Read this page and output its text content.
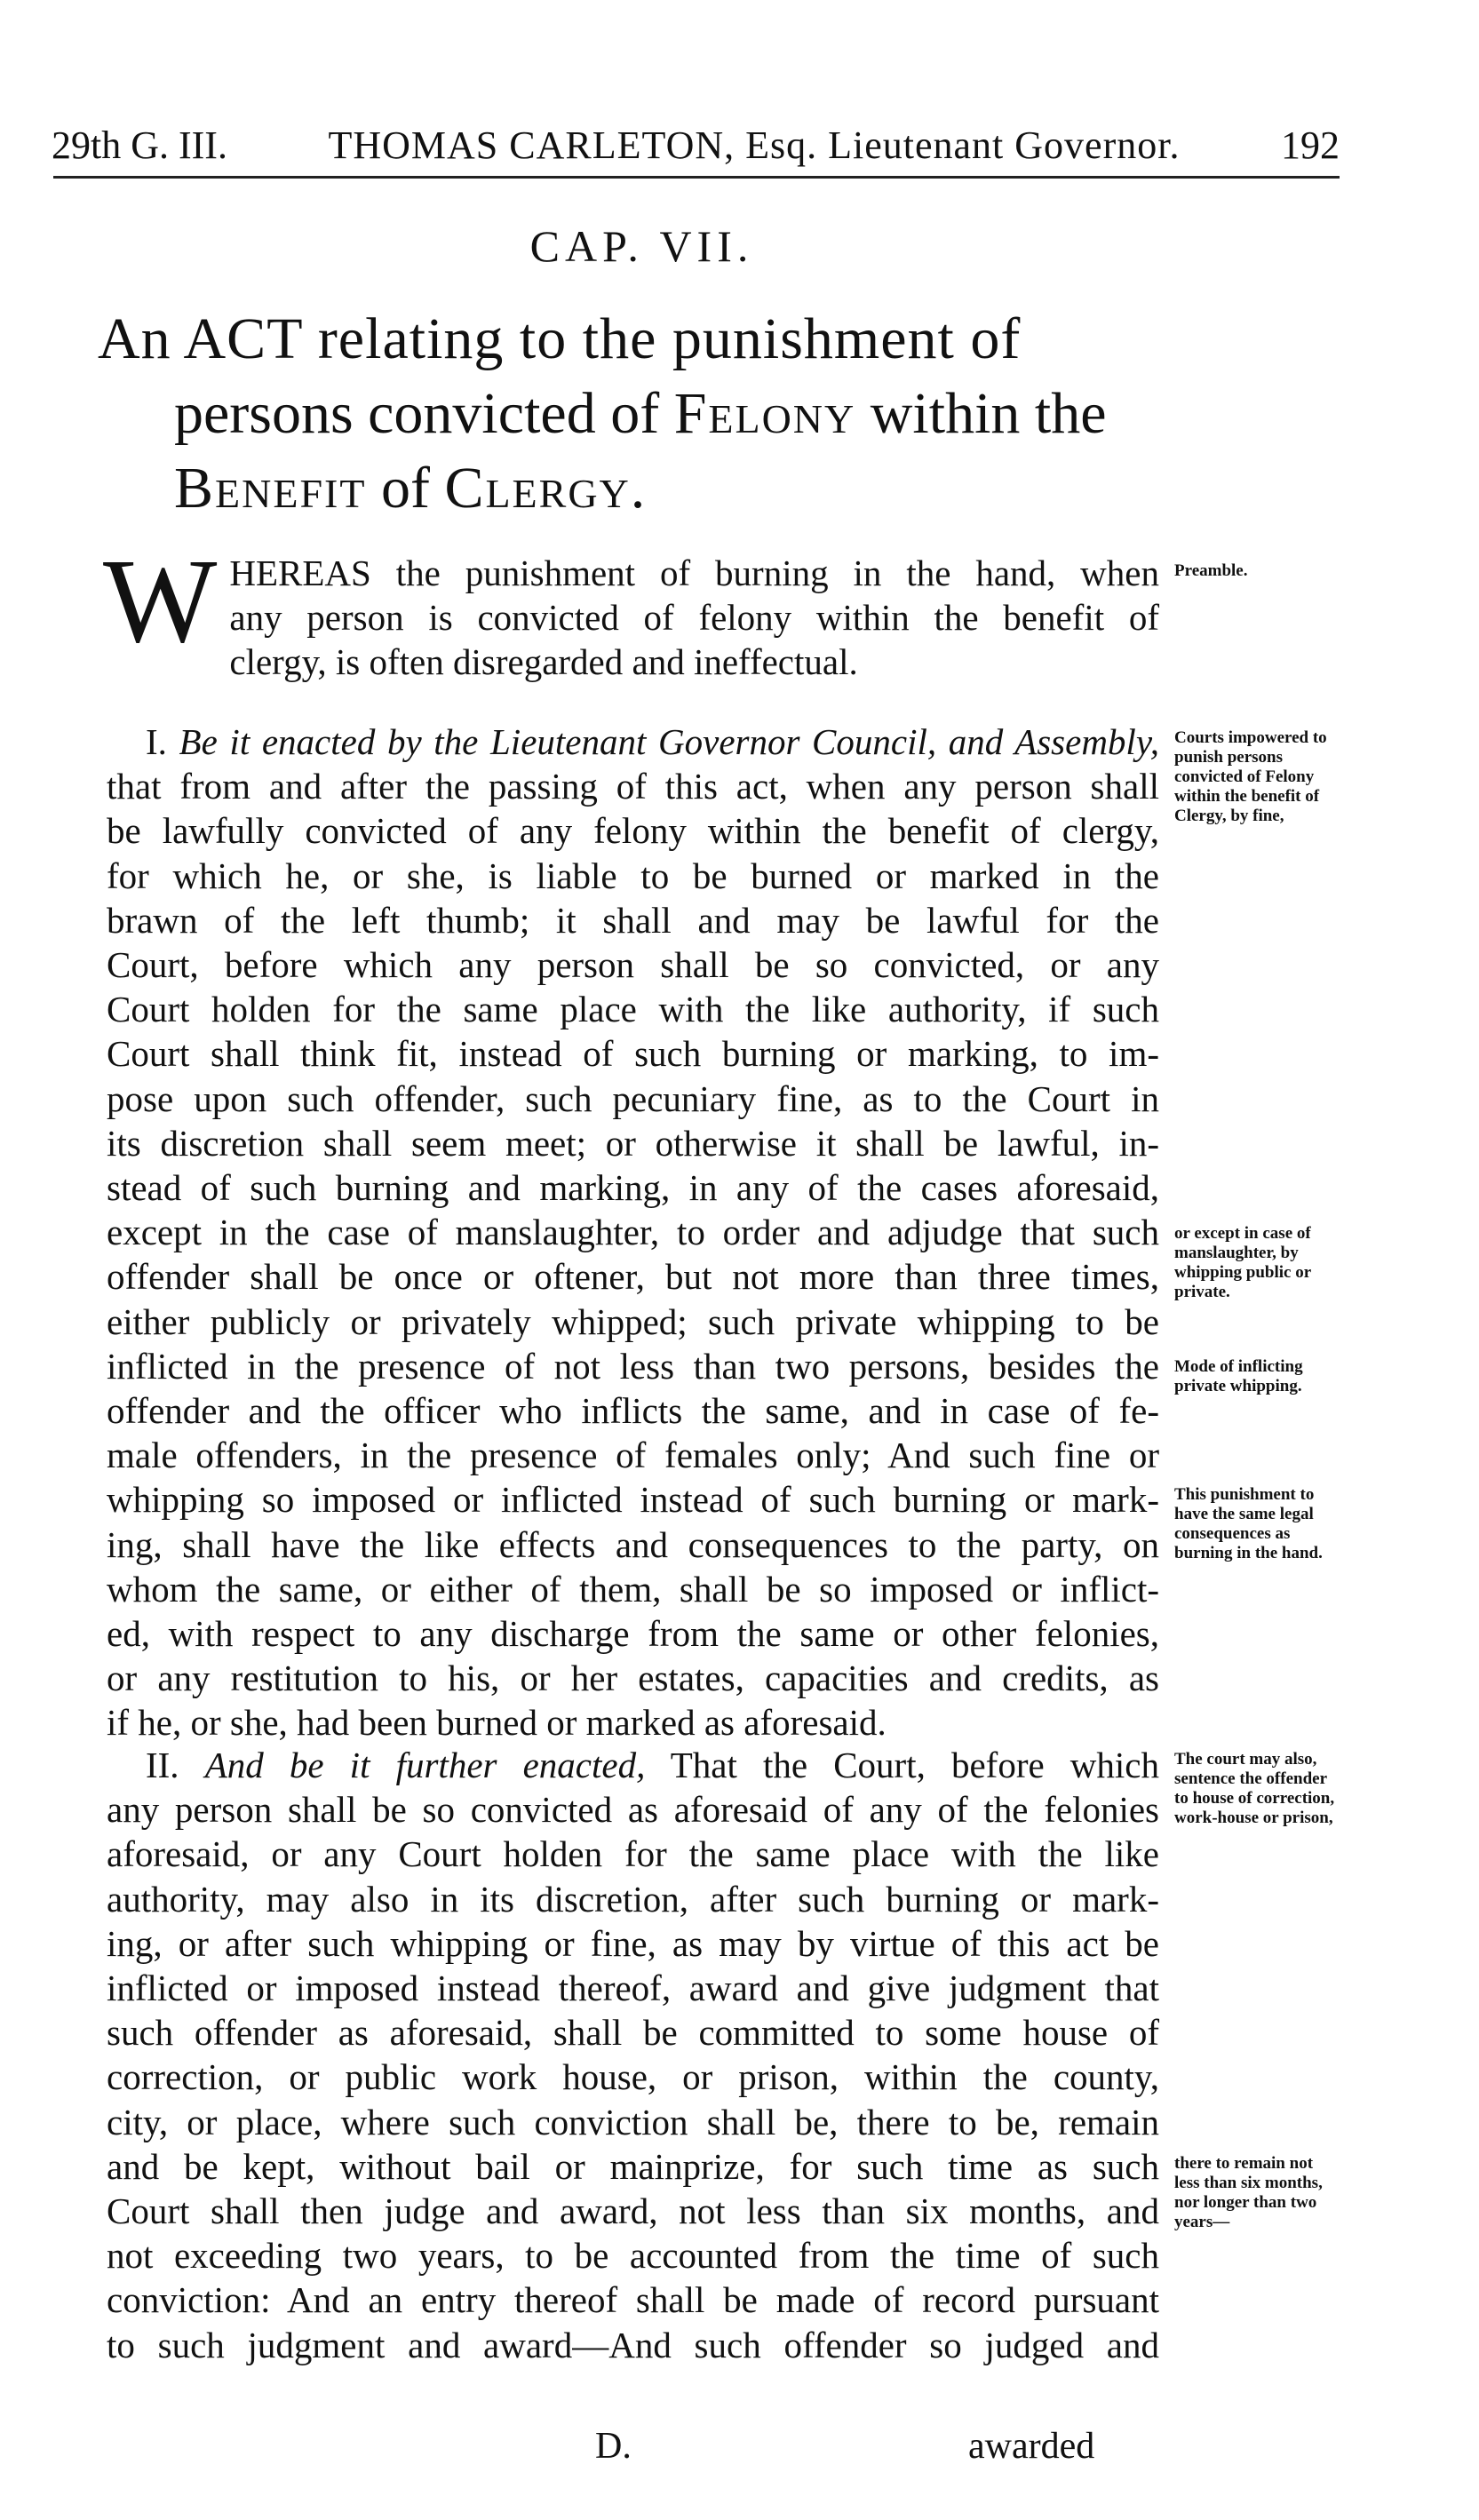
29th G. III.	THOMAS CARLETON, Esq. Lieutenant Governor.	192
CAP. VII.
An ACT relating to the punishment of
persons convicted of Felony within the
Benefit of Clergy.
W HEREAS the punishment of burning in the hand, when
any person is convicted of felony within the benefit of
clergy, is often disregarded and ineffectual.
I. Be it enacted by the Lieutenant Governor Council, and Assembly,
that from and after the passing of this act, when any person shall
be lawfully convicted of any felony within the benefit of clergy,
for which he, or she, is liable to be burned or marked in the
brawn of the left thumb; it shall and may be lawful for the
Court, before which any person shall be so convicted, or any
Court holden for the same place with the like authority, if such
Court shall think fit, instead of such burning or marking, to im-
pose upon such offender, such pecuniary fine, as to the Court in
its discretion shall seem meet; or otherwise it shall be lawful, in-
stead of such burning and marking, in any of the cases aforesaid,
except in the case of manslaughter, to order and adjudge that such
offender shall be once or oftener, but not more than three times,
either publicly or privately whipped; such private whipping to be
inflicted in the presence of not less than two persons, besides the
offender and the officer who inflicts the same, and in case of fe-
male offenders, in the presence of females only; And such fine or
whipping so imposed or inflicted instead of such burning or mark-
ing, shall have the like effects and consequences to the party, on
whom the same, or either of them, shall be so imposed or inflict-
ed, with respect to any discharge from the same or other felonies,
or any restitution to his, or her estates, capacities and credits, as
if he, or she, had been burned or marked as aforesaid.
II. And be it further enacted, That the Court, before which
any person shall be so convicted as aforesaid of any of the felonies
aforesaid, or any Court holden for the same place with the like
authority, may also in its discretion, after such burning or mark-
ing, or after such whipping or fine, as may by virtue of this act be
inflicted or imposed instead thereof, award and give judgment that
such offender as aforesaid, shall be committed to some house of
correction, or public work house, or prison, within the county,
city, or place, where such conviction shall be, there to be, remain
and be kept, without bail or mainprize, for such time as such
Court shall then judge and award, not less than six months, and
not exceeding two years, to be accounted from the time of such
conviction: And an entry thereof shall be made of record pursuant
to such judgment and award—And such offender so judged and
Preamble.
Courts impowered to punish persons convicted of Felony within the benefit of Clergy, by fine,
or except in case of manslaughter, by whipping public or private.
Mode of inflicting private whipping.
This punishment to have the same legal consequences as burning in the hand.
The court may also, sentence the offender to house of correction, work-house or prison,
there to remain not less than six months, nor longer than two years—
D.	awarded
